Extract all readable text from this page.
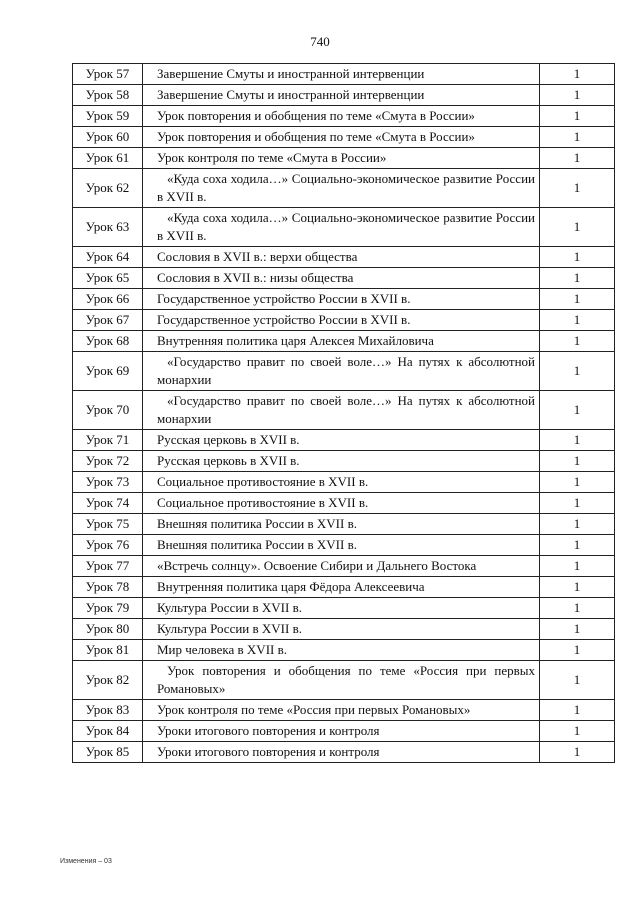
740
Урок 57	Завершение Смуты и иностранной интервенции	1
Урок 58	Завершение Смуты и иностранной интервенции	1
Урок 59	Урок повторения и обобщения по теме «Смута в России»	1
Урок 60	Урок повторения и обобщения по теме «Смута в России»	1
Урок 61	Урок контроля по теме «Смута в России»	1
Урок 62	«Куда соха ходила…» Социально-экономическое развитие России в XVII в.	1
Урок 63	«Куда соха ходила…» Социально-экономическое развитие России в XVII в.	1
Урок 64	Сословия в XVII в.: верхи общества	1
Урок 65	Сословия в XVII в.: низы общества	1
Урок 66	Государственное устройство России в XVII в.	1
Урок 67	Государственное устройство России в XVII в.	1
Урок 68	Внутренняя политика царя Алексея Михайловича	1
Урок 69	«Государство правит по своей воле…» На путях к абсолютной монархии	1
Урок 70	«Государство правит по своей воле…» На путях к абсолютной монархии	1
Урок 71	Русская церковь в XVII в.	1
Урок 72	Русская церковь в XVII в.	1
Урок 73	Социальное противостояние в XVII в.	1
Урок 74	Социальное противостояние в XVII в.	1
Урок 75	Внешняя политика России в XVII в.	1
Урок 76	Внешняя политика России в XVII в.	1
Урок 77	«Встречь солнцу». Освоение Сибири и Дальнего Востока	1
Урок 78	Внутренняя политика царя Фёдора Алексеевича	1
Урок 79	Культура России в XVII в.	1
Урок 80	Культура России в XVII в.	1
Урок 81	Мир человека в XVII в.	1
Урок 82	Урок повторения и обобщения по теме «Россия при первых Романовых»	1
Урок 83	Урок контроля по теме «Россия при первых Романовых»	1
Урок 84	Уроки итогового повторения и контроля	1
Урок 85	Уроки итогового повторения и контроля	1
Изменения – 03
